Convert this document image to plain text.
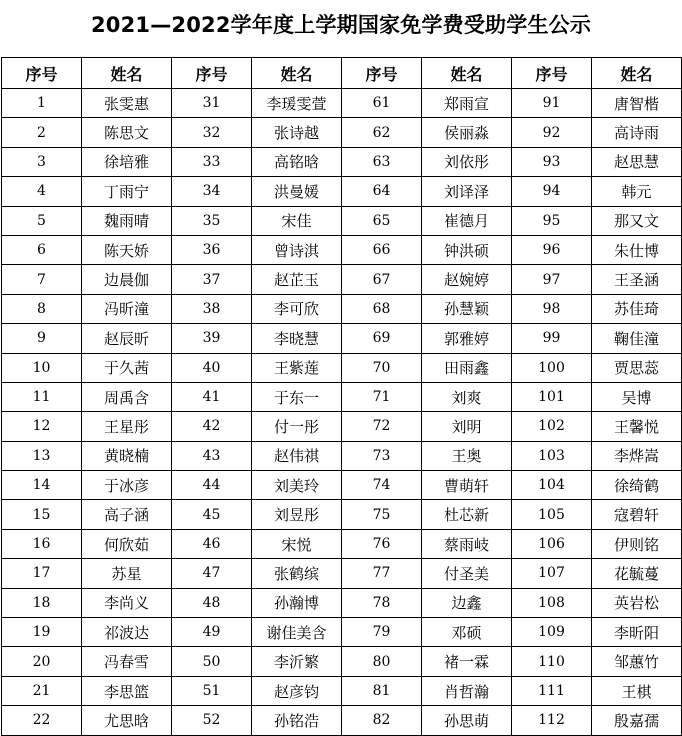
2021—2022学年度上学期国家免学费受助学生公示
序号	姓名	序号	姓名	序号	姓名	序号	姓名
1	张雯惠	31	李瑗雯萱	61	郑雨宣	91	唐智楷
2	陈思文	32	张诗越	62	侯丽淼	92	高诗雨
3	徐培雅	33	高铭晗	63	刘依彤	93	赵思慧
4	丁雨宁	34	洪曼媛	64	刘译泽	94	韩元
5	魏雨晴	35	宋佳	65	崔德月	95	那又文
6	陈天娇	36	曾诗淇	66	钟洪硕	96	朱仕博
7	边晨伽	37	赵芷玉	67	赵婉婷	97	王圣涵
8	冯昕潼	38	李可欣	68	孙慧颖	98	苏佳琦
9	赵辰昕	39	李晓慧	69	郭雅婷	99	鞠佳潼
10	于久茜	40	王紫莲	70	田雨鑫	100	贾思蕊
11	周禹含	41	于东一	71	刘爽	101	吴博
12	王星彤	42	付一彤	72	刘明	102	王馨悦
13	黄晓楠	43	赵伟祺	73	王奥	103	李烨嵩
14	于冰彦	44	刘美玲	74	曹萌轩	104	徐绮鹤
15	高子涵	45	刘昱彤	75	杜芯新	105	寇碧轩
16	何欣茹	46	宋悦	76	蔡雨岐	106	伊则铭
17	苏星	47	张鹤缤	77	付圣美	107	花毓蔓
18	李尚义	48	孙瀚博	78	边鑫	108	英岩松
19	祁波达	49	谢佳美含	79	邓硕	109	李昕阳
20	冯春雪	50	李沂繁	80	褚一霖	110	邹蕙竹
21	李思篮	51	赵彦钧	81	肖哲瀚	111	王棋
22	尤思晗	52	孙铭浩	82	孙思萌	112	殷嘉孺
